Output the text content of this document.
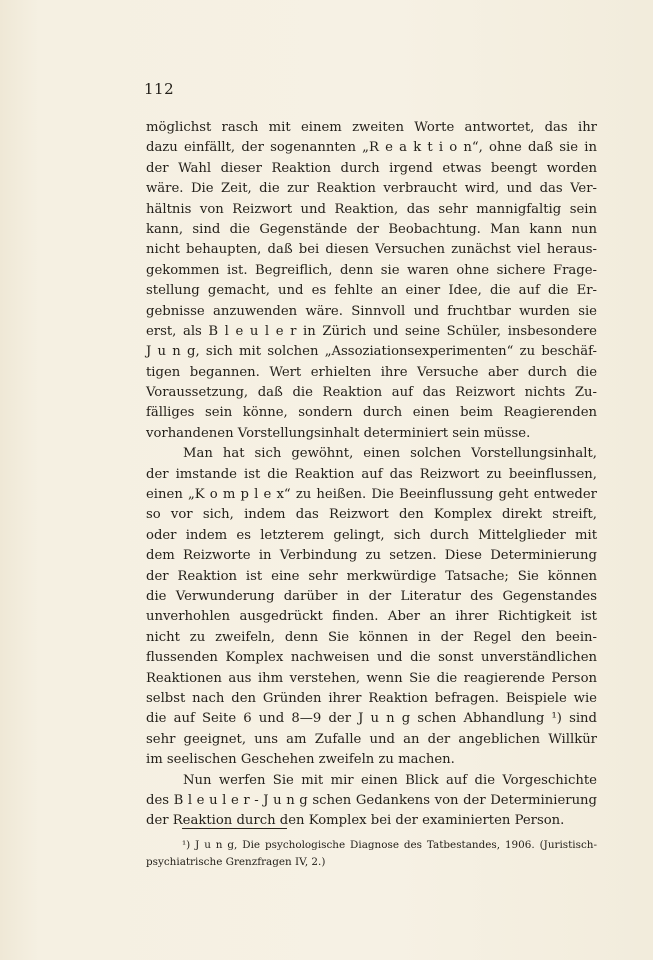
112
möglichst rasch mit einem zweiten Worte antwortet, das ihr
dazu einfällt, der sogenannten „R e a k t i o n“, ohne daß sie in
der Wahl dieser Reaktion durch irgend etwas beengt worden
wäre. Die Zeit, die zur Reaktion verbraucht wird, und das Ver-
hältnis von Reizwort und Reaktion, das sehr mannigfaltig sein
kann, sind die Gegenstände der Beobachtung. Man kann nun
nicht behaupten, daß bei diesen Versuchen zunächst viel heraus-
gekommen ist. Begreiflich, denn sie waren ohne sichere Frage-
stellung gemacht, und es fehlte an einer Idee, die auf die Er-
gebnisse anzuwenden wäre. Sinnvoll und fruchtbar wurden sie
erst, als B l e u l e r in Zürich und seine Schüler, insbesondere
J u n g, sich mit solchen „Assoziationsexperimenten“ zu beschäf-
tigen begannen. Wert erhielten ihre Versuche aber durch die
Voraussetzung, daß die Reaktion auf das Reizwort nichts Zu-
fälliges sein könne, sondern durch einen beim Reagierenden
vorhandenen Vorstellungsinhalt determiniert sein müsse.
Man hat sich gewöhnt, einen solchen Vorstellungsinhalt,
der imstande ist die Reaktion auf das Reizwort zu beeinflussen,
einen „K o m p l e x“ zu heißen. Die Beeinflussung geht entweder
so vor sich, indem das Reizwort den Komplex direkt streift,
oder indem es letzterem gelingt, sich durch Mittelglieder mit
dem Reizworte in Verbindung zu setzen. Diese Determinierung
der Reaktion ist eine sehr merkwürdige Tatsache; Sie können
die Verwunderung darüber in der Literatur des Gegenstandes
unverhohlen ausgedrückt finden. Aber an ihrer Richtigkeit ist
nicht zu zweifeln, denn Sie können in der Regel den beein-
flussenden Komplex nachweisen und die sonst unverständlichen
Reaktionen aus ihm verstehen, wenn Sie die reagierende Person
selbst nach den Gründen ihrer Reaktion befragen. Beispiele wie
die auf Seite 6 und 8—9 der J u n g schen Abhandlung ¹) sind
sehr geeignet, uns am Zufalle und an der angeblichen Willkür
im seelischen Geschehen zweifeln zu machen.
Nun werfen Sie mit mir einen Blick auf die Vorgeschichte
des B l e u l e r - J u n g schen Gedankens von der Determinierung
der Reaktion durch den Komplex bei der examinierten Person.
¹) J u n g, Die psychologische Diagnose des Tatbestandes, 1906. (Juristisch-
psychiatrische Grenzfragen IV, 2.)
